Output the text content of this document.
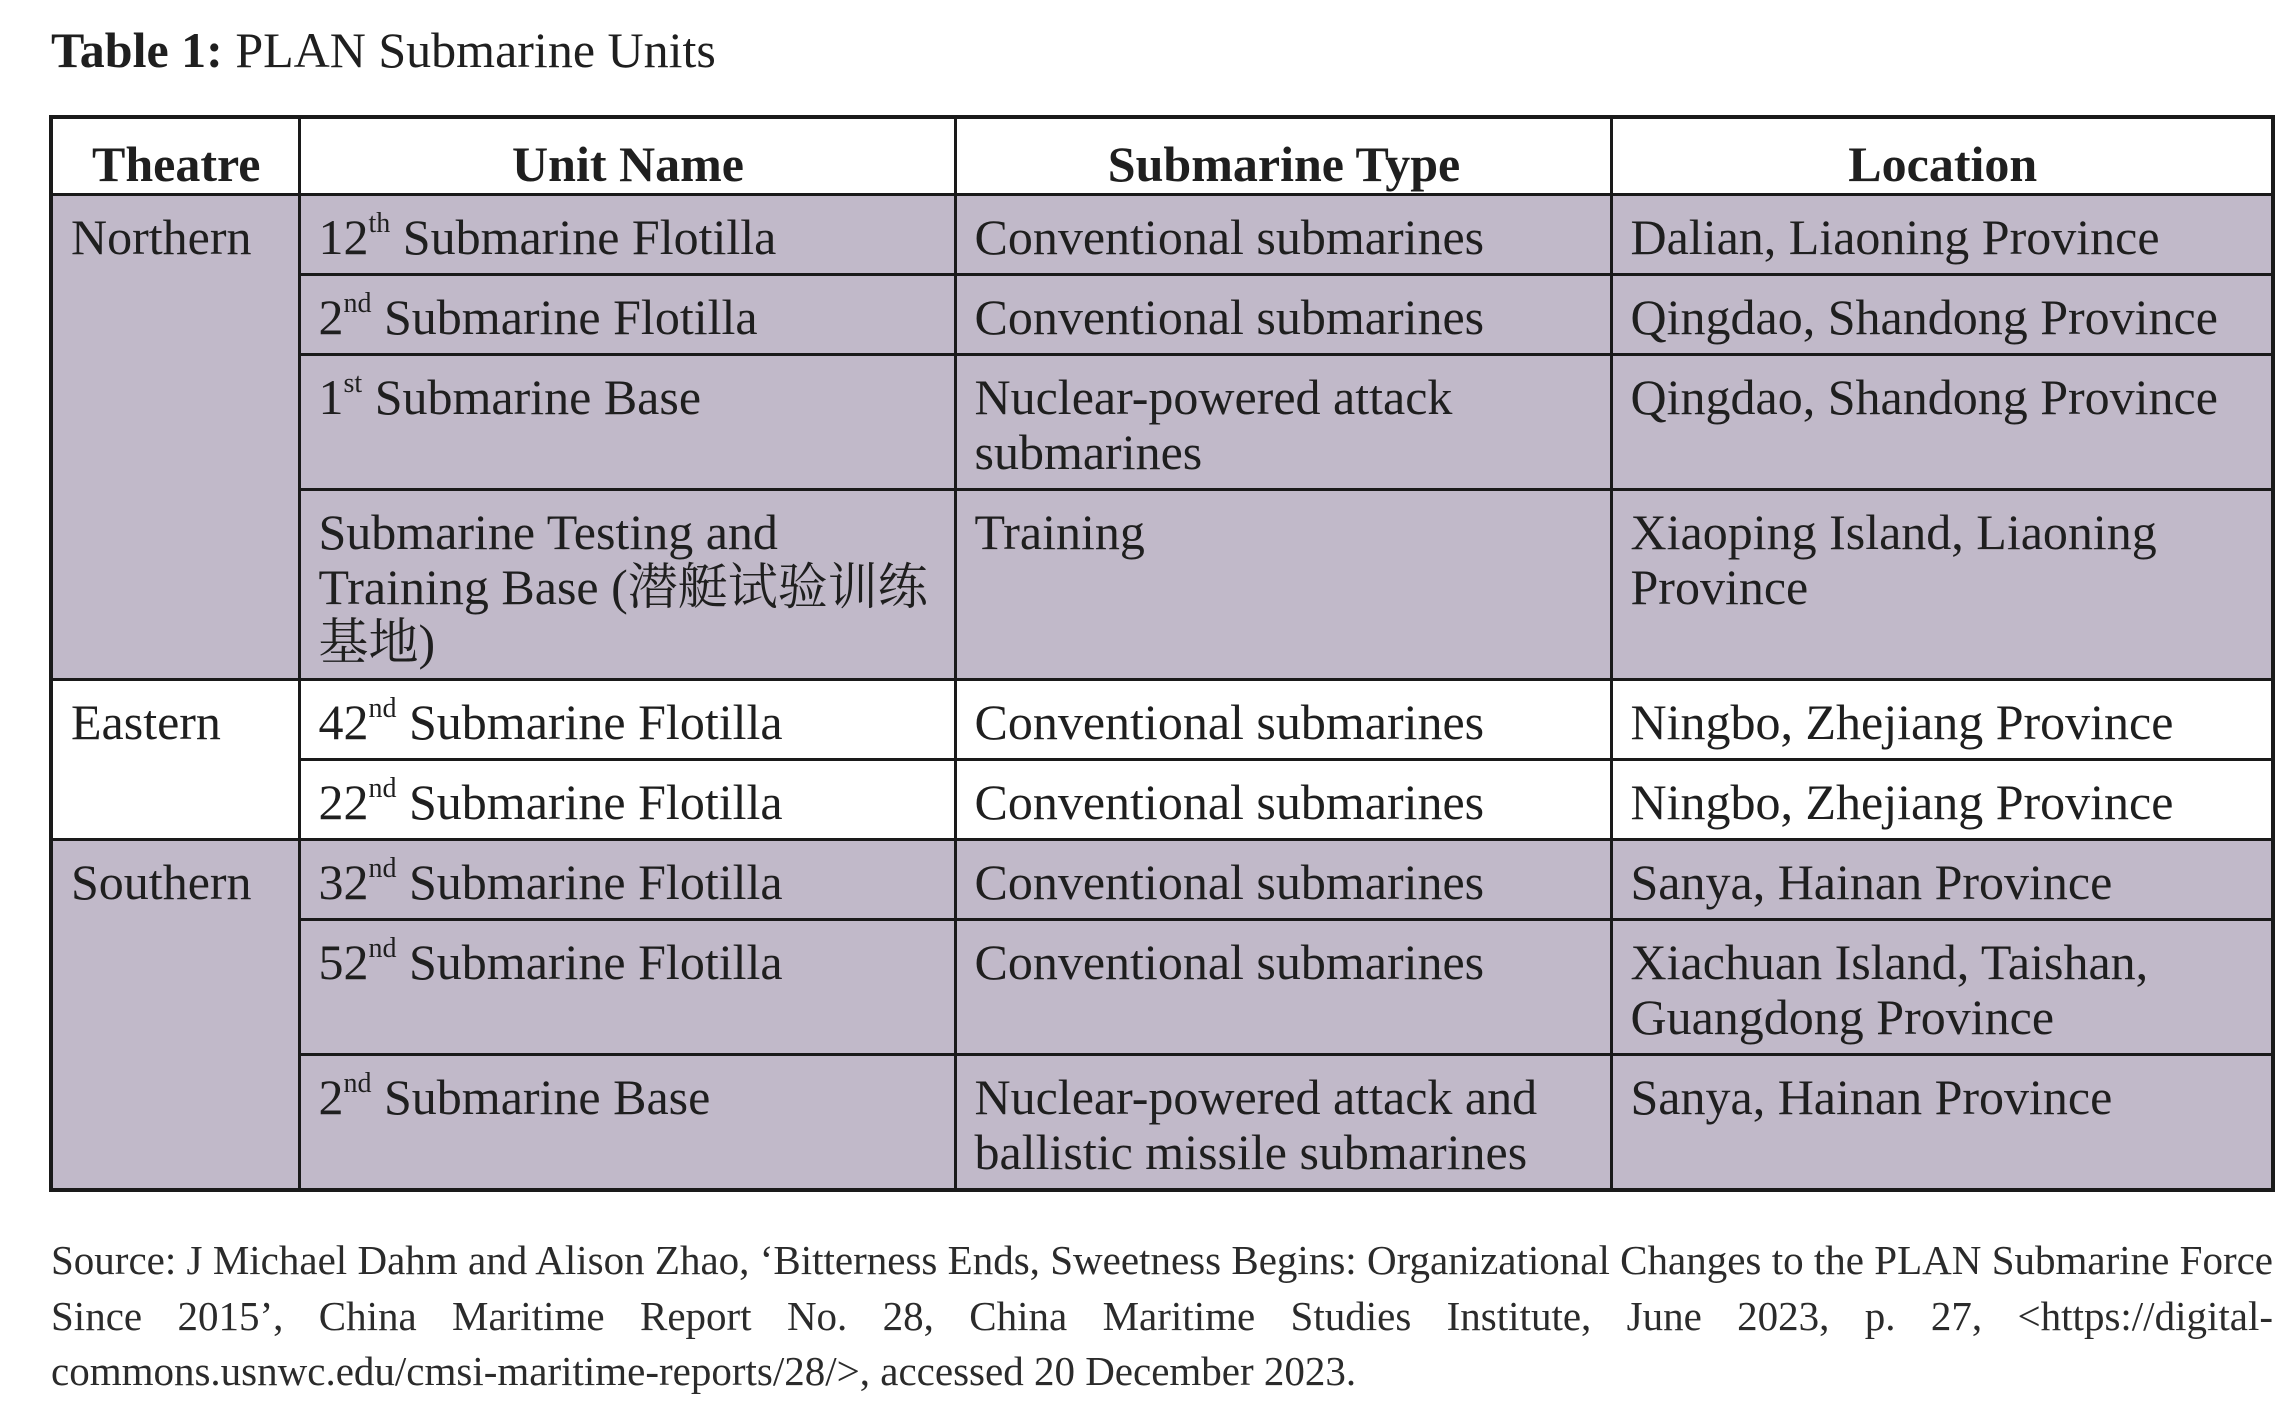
Table 1: PLAN Submarine Units
Theatre	Unit Name	Submarine Type	Location
Northern	12th Submarine Flotilla	Conventional submarines	Dalian, Liaoning Province
	2nd Submarine Flotilla	Conventional submarines	Qingdao, Shandong Province
	1st Submarine Base	Nuclear-powered attack submarines	Qingdao, Shandong Province
	Submarine Testing and Training Base (潜艇试验训练基地)	Training	Xiaoping Island, Liaoning Province
Eastern	42nd Submarine Flotilla	Conventional submarines	Ningbo, Zhejiang Province
	22nd Submarine Flotilla	Conventional submarines	Ningbo, Zhejiang Province
Southern	32nd Submarine Flotilla	Conventional submarines	Sanya, Hainan Province
	52nd Submarine Flotilla	Conventional submarines	Xiachuan Island, Taishan, Guangdong Province
	2nd Submarine Base	Nuclear-powered attack and ballistic missile submarines	Sanya, Hainan Province
Source: J Michael Dahm and Alison Zhao, ‘Bitterness Ends, Sweetness Begins: Organizational Changes to the PLAN Submarine Force Since 2015’, China Maritime Report No. 28, China Maritime Studies Institute, June 2023, p. 27, <https://digital-commons.usnwc.edu/cmsi-maritime-reports/28/>, accessed 20 December 2023.
